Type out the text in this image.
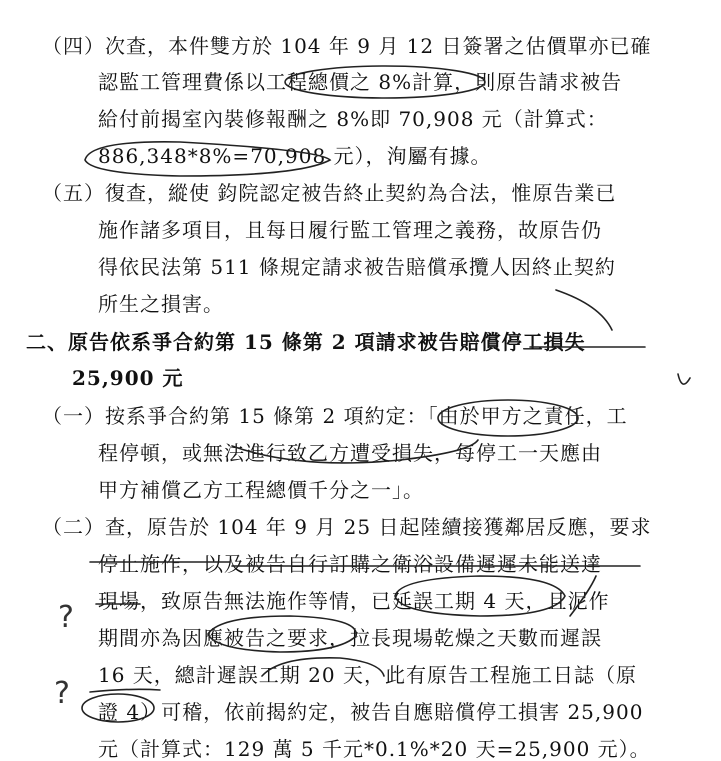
（四）次查，本件雙方於 104 年 9 月 12 日簽署之估價單亦已確
認監工管理費係以工程總價之 8%計算，則原告請求被告
給付前揭室內裝修報酬之 8%即 70,908 元（計算式：
886,348*8%=70,908 元），洵屬有據。
（五）復查，縱使 鈞院認定被告終止契約為合法，惟原告業已
施作諸多項目，且每日履行監工管理之義務，故原告仍
得依民法第 511 條規定請求被告賠償承攬人因終止契約
所生之損害。
二、原告依系爭合約第 15 條第 2 項請求被告賠償停工損失
25,900 元
（一）按系爭合約第 15 條第 2 項約定：「由於甲方之責任，工
程停頓，或無法進行致乙方遭受損失，每停工一天應由
甲方補償乙方工程總價千分之一」。
（二）查，原告於 104 年 9 月 25 日起陸續接獲鄰居反應，要求
停止施作，以及被告自行訂購之衛浴設備遲遲未能送達
現場，致原告無法施作等情，已延誤工期 4 天，且泥作
期間亦為因應被告之要求，拉長現場乾燥之天數而遲誤
16 天，總計遲誤工期 20 天，此有原告工程施工日誌（原
證 4）可稽，依前揭約定，被告自應賠償停工損害 25,900
元（計算式：129 萬 5 千元*0.1%*20 天=25,900 元）。
?
?
